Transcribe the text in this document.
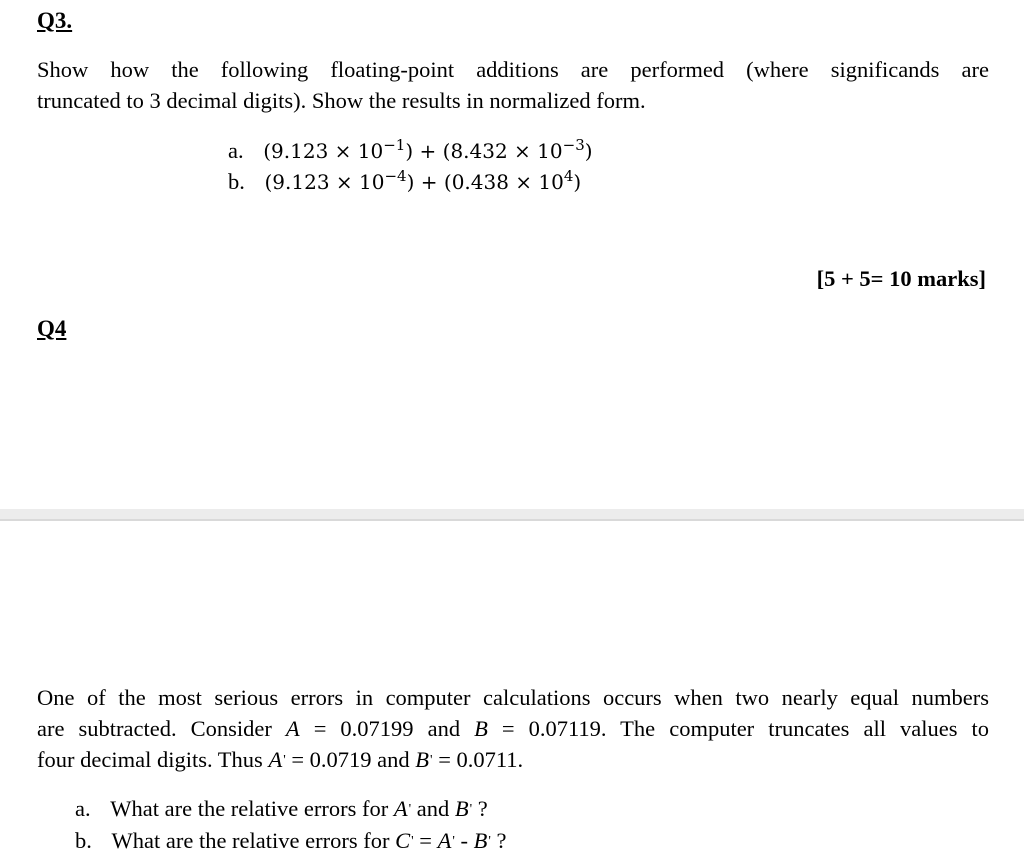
Q3.
Show how the following floating-point additions are performed (where significands are
truncated to 3 decimal digits). Show the results in normalized form.
a. $(9.123 \times 10^{-1}) + (8.432 \times 10^{-3})$
b. $(9.123 \times 10^{-4}) + (0.438 \times 10^4)$
[5 + 5= 10 marks]
Q4
One of the most serious errors in computer calculations occurs when two nearly equal numbers
are subtracted. Consider A = 0.07199 and B = 0.07119. The computer truncates all values to
four decimal digits. Thus A' = 0.0719 and B' = 0.0711.
a. What are the relative errors for A' and B' ?
b. What are the relative errors for C' = A' - B' ?
